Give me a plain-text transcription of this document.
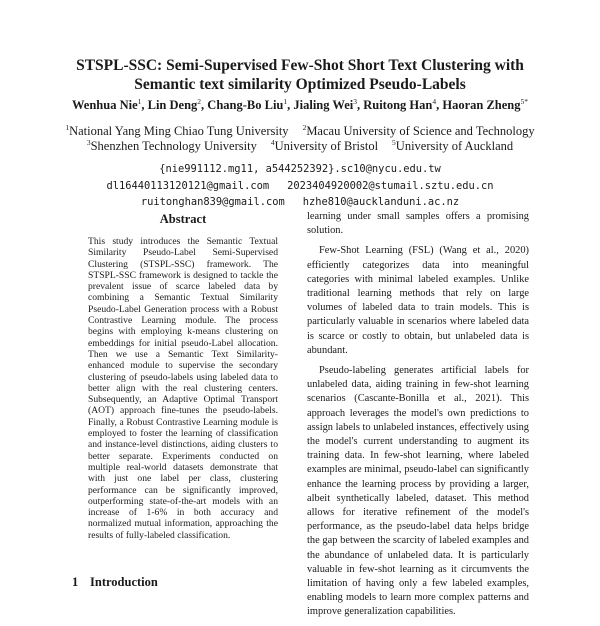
STSPL-SSC: Semi-Supervised Few-Shot Short Text Clustering with
Semantic text similarity Optimized Pseudo-Labels
Wenhua Nie$^1$, Lin Deng$^2$, Chang-Bo Liu$^1$, Jialing Wei$^3$, Ruitong Han$^4$, Haoran Zheng$^{5*}$
$^1$National Yang Ming Chiao Tung University $^2$Macau University of Science and Technology
$^3$Shenzhen Technology University $^4$University of Bristol $^5$University of Auckland
{nie991112.mg11, a544252392}.sc10@nycu.edu.tw
dl16440113120121@gmail.com 2023404920002@stumail.sztu.edu.cn
ruitonghan839@gmail.com hzhe810@aucklanduni.ac.nz
Abstract
This study introduces the Semantic Textual Similarity Pseudo-Label Semi-Supervised Clustering (STSPL-SSC) framework. The STSPL-SSC framework is designed to tackle the prevalent issue of scarce labeled data by combining a Semantic Textual Similarity Pseudo-Label Generation process with a Robust Contrastive Learning module. The process begins with employing k-means clustering on embeddings for initial pseudo-Label allocation. Then we use a Semantic Text Similarity-enhanced module to supervise the secondary clustering of pseudo-labels using labeled data to better align with the real clustering centers. Subsequently, an Adaptive Optimal Transport (AOT) approach fine-tunes the pseudo-labels. Finally, a Robust Contrastive Learning module is employed to foster the learning of classification and instance-level distinctions, aiding clusters to better separate. Experiments conducted on multiple real-world datasets demonstrate that with just one label per class, clustering performance can be significantly improved, outperforming state-of-the-art models with an increase of 1-6% in both accuracy and normalized mutual information, approaching the results of fully-labeled classification.
1 Introduction

learning under small samples offers a promising solution.

Few-Shot Learning (FSL) (Wang et al., 2020) efficiently categorizes data into meaningful categories with minimal labeled examples. Unlike traditional learning methods that rely on large volumes of labeled data to train models. This is particularly valuable in scenarios where labeled data is scarce or costly to obtain, but unlabeled data is abundant.

Pseudo-labeling generates artificial labels for unlabeled data, aiding training in few-shot learning scenarios (Cascante-Bonilla et al., 2021). This approach leverages the model's own predictions to assign labels to unlabeled instances, effectively using the model's current understanding to augment its training data. In few-shot learning, where labeled examples are minimal, pseudo-label can significantly enhance the learning process by providing a larger, albeit synthetically labeled, dataset. This method allows for iterative refinement of the model's performance, as the pseudo-label data helps bridge the gap between the scarcity of labeled examples and the abundance of unlabeled data. It is particularly valuable in few-shot learning as it circumvents the limitation of having only a few labeled examples, enabling models to learn more complex patterns and improve generalization capabilities.
